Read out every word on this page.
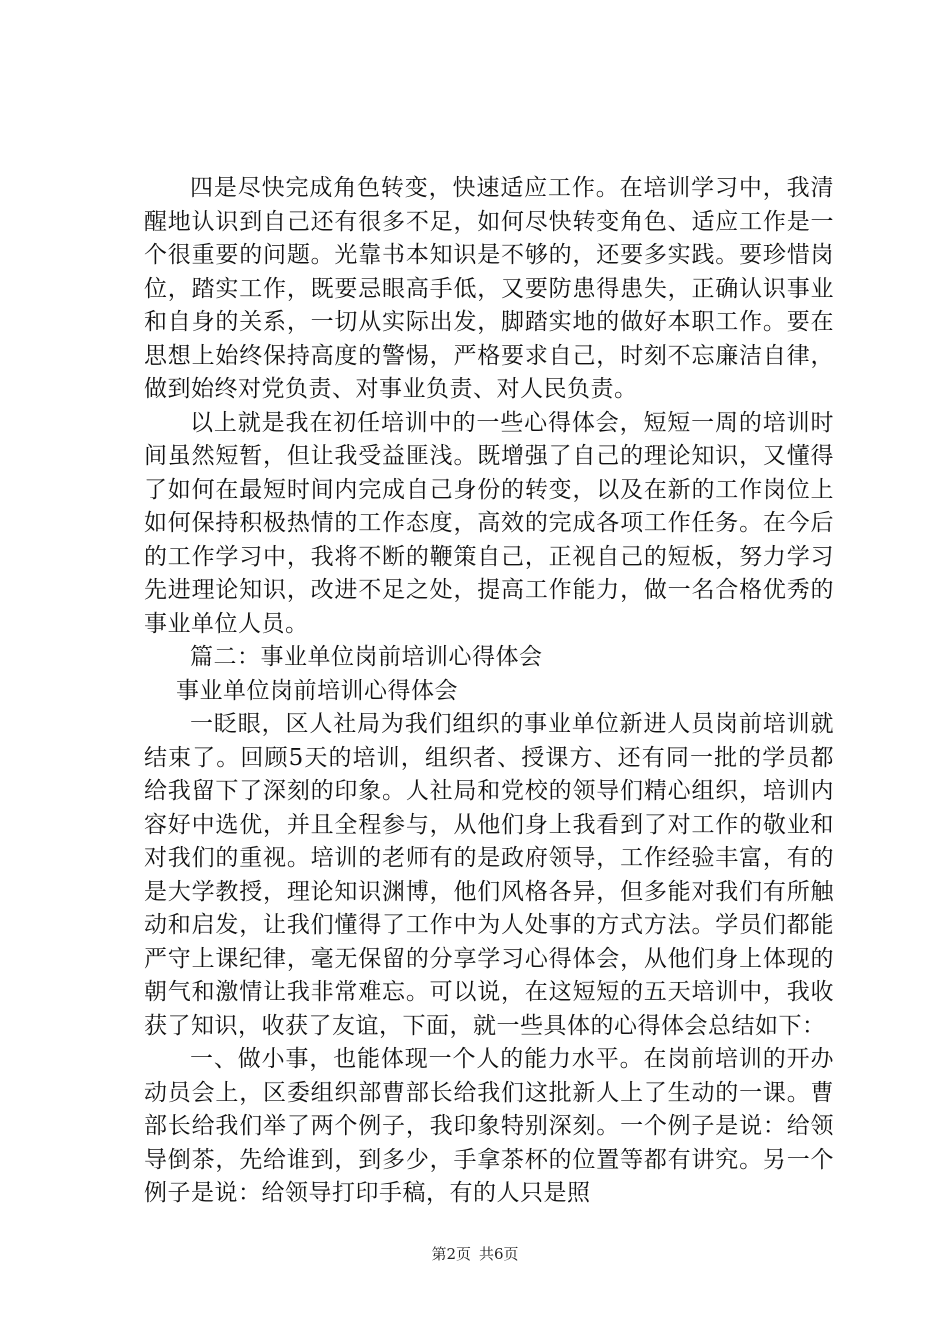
四是尽快完成角色转变，快速适应工作。在培训学习中，我清醒地认识到自己还有很多不足，如何尽快转变角色、适应工作是一个很重要的问题。光靠书本知识是不够的，还要多实践。要珍惜岗位，踏实工作，既要忌眼高手低，又要防患得患失，正确认识事业和自身的关系，一切从实际出发，脚踏实地的做好本职工作。要在思想上始终保持高度的警惕，严格要求自己，时刻不忘廉洁自律，做到始终对党负责、对事业负责、对人民负责。

以上就是我在初任培训中的一些心得体会，短短一周的培训时间虽然短暂，但让我受益匪浅。既增强了自己的理论知识，又懂得了如何在最短时间内完成自己身份的转变，以及在新的工作岗位上如何保持积极热情的工作态度，高效的完成各项工作任务。在今后的工作学习中，我将不断的鞭策自己，正视自己的短板，努力学习先进理论知识，改进不足之处，提高工作能力，做一名合格优秀的事业单位人员。

篇二：事业单位岗前培训心得体会

事业单位岗前培训心得体会

一眨眼，区人社局为我们组织的事业单位新进人员岗前培训就结束了。回顾5天的培训，组织者、授课方、还有同一批的学员都给我留下了深刻的印象。人社局和党校的领导们精心组织，培训内容好中选优，并且全程参与，从他们身上我看到了对工作的敬业和对我们的重视。培训的老师有的是政府领导，工作经验丰富，有的是大学教授，理论知识渊博，他们风格各异，但多能对我们有所触动和启发，让我们懂得了工作中为人处事的方式方法。学员们都能严守上课纪律，毫无保留的分享学习心得体会，从他们身上体现的朝气和激情让我非常难忘。可以说，在这短短的五天培训中，我收获了知识，收获了友谊，下面，就一些具体的心得体会总结如下：

一、做小事，也能体现一个人的能力水平。在岗前培训的开办动员会上，区委组织部曹部长给我们这批新人上了生动的一课。曹部长给我们举了两个例子，我印象特别深刻。一个例子是说：给领导倒茶，先给谁到，到多少，手拿茶杯的位置等都有讲究。另一个例子是说：给领导打印手稿，有的人只是照

第2页 共6页
